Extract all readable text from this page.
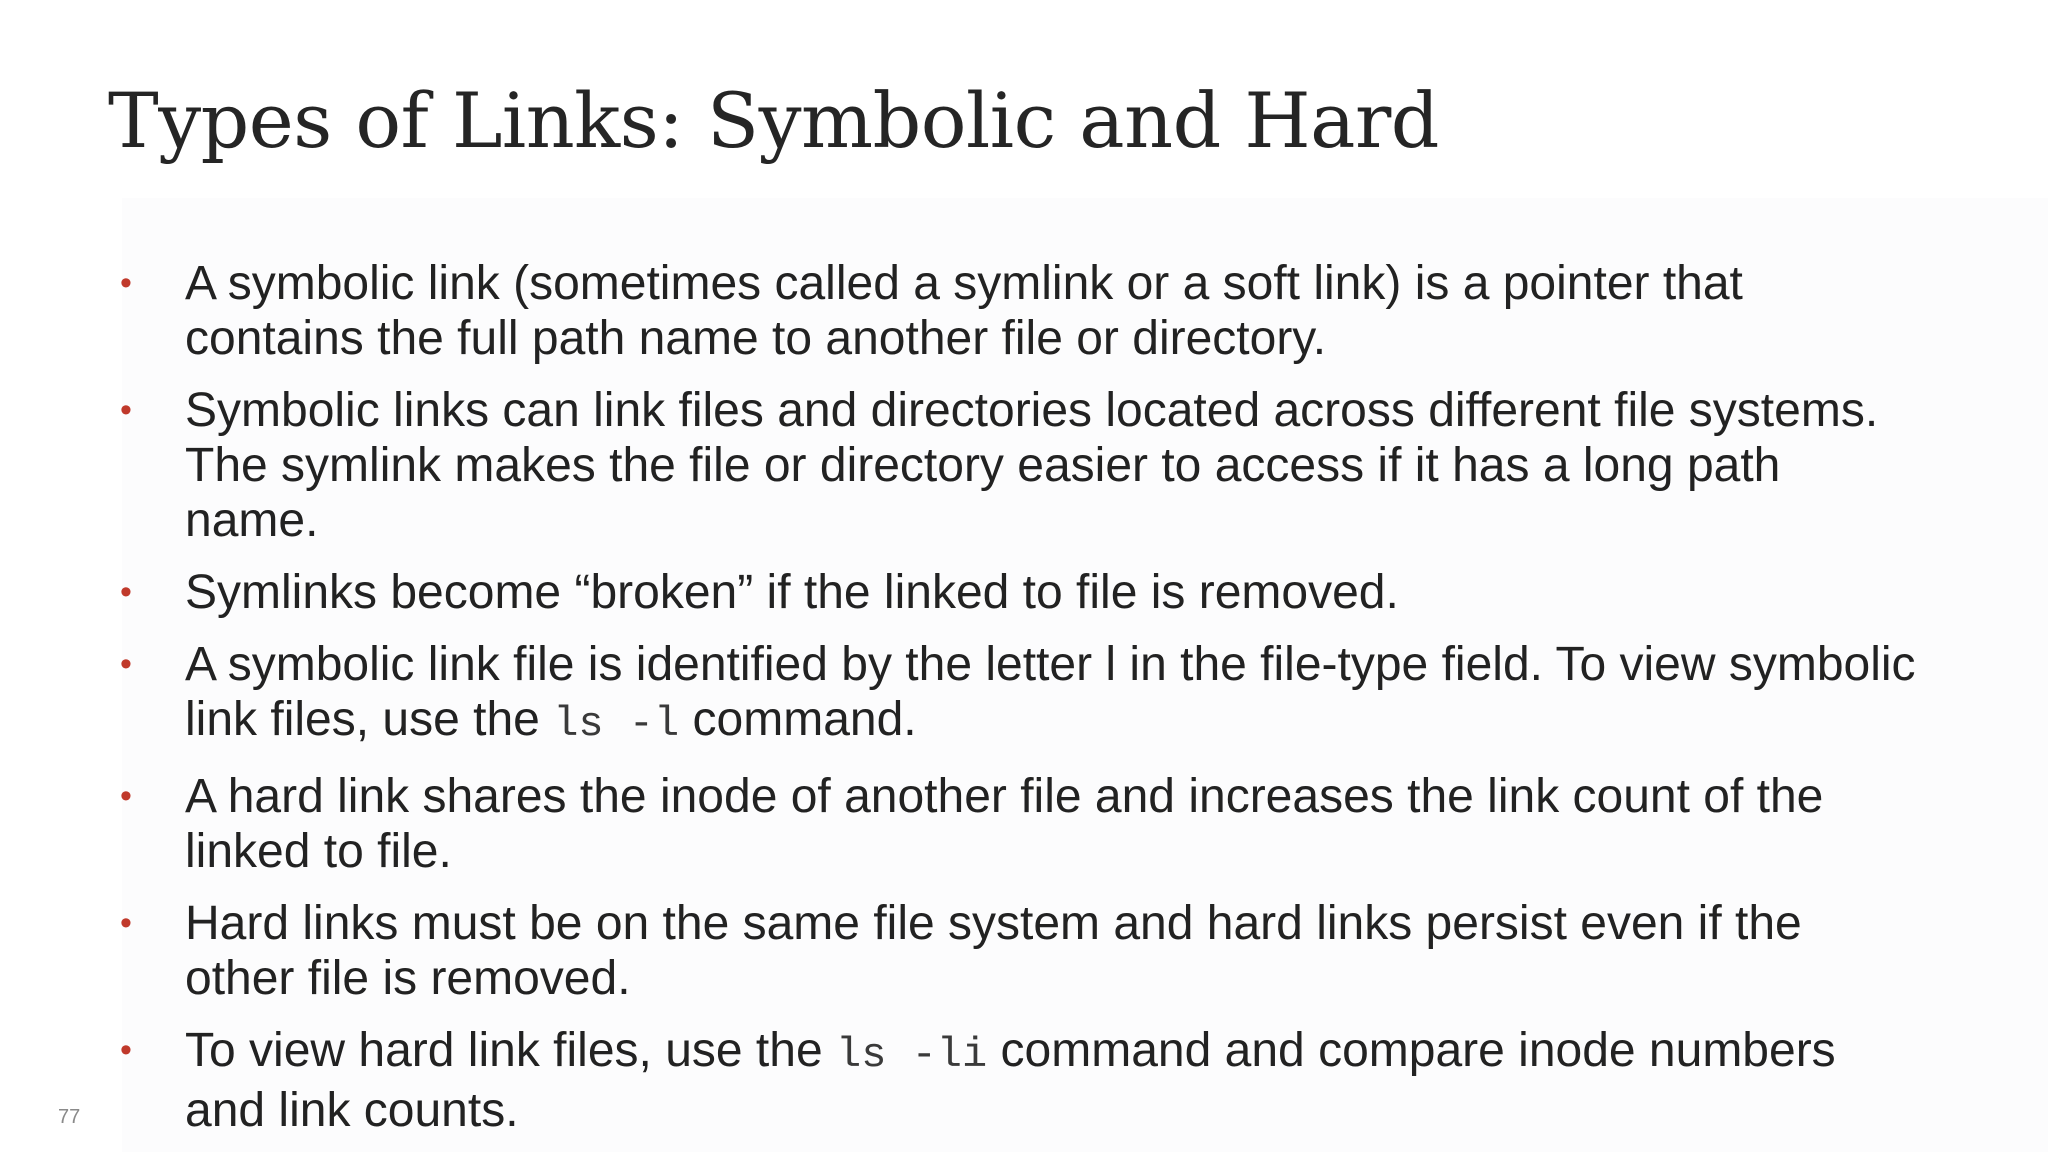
Types of Links: Symbolic and Hard
• A symbolic link (sometimes called a symlink or a soft link) is a pointer that contains the full path name to another file or directory.
• Symbolic links can link files and directories located across different file systems. The symlink makes the file or directory easier to access if it has a long path name.
• Symlinks become “broken” if the linked to file is removed.
• A symbolic link file is identified by the letter l in the file-type field. To view symbolic link files, use the ls -l command.
• A hard link shares the inode of another file and increases the link count of the linked to file.
• Hard links must be on the same file system and hard links persist even if the other file is removed.
• To view hard link files, use the ls -li command and compare inode numbers and link counts.
77
